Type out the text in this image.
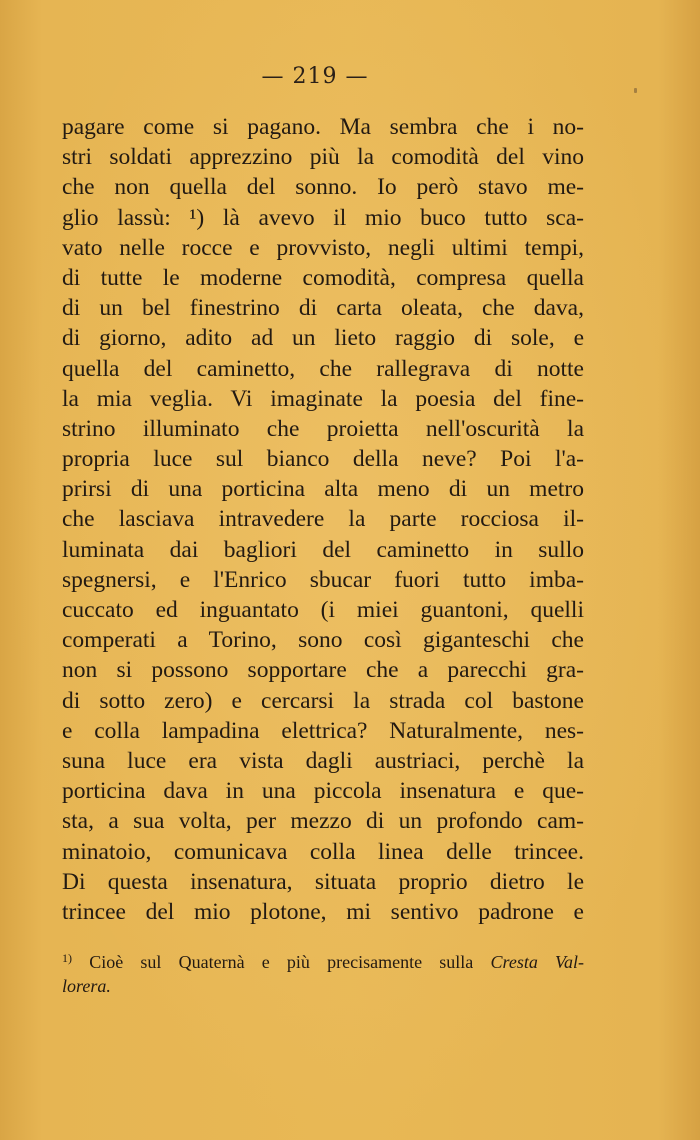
— 219 —
pagare come si pagano. Ma sembra che i no-
stri soldati apprezzino più la comodità del vino
che non quella del sonno. Io però stavo me-
glio lassù: ¹) là avevo il mio buco tutto sca-
vato nelle rocce e provvisto, negli ultimi tempi,
di tutte le moderne comodità, compresa quella
di un bel finestrino di carta oleata, che dava,
di giorno, adito ad un lieto raggio di sole, e
quella del caminetto, che rallegrava di notte
la mia veglia. Vi imaginate la poesia del fine-
strino illuminato che proietta nell'oscurità la
propria luce sul bianco della neve? Poi l'a-
prirsi di una porticina alta meno di un metro
che lasciava intravedere la parte rocciosa il-
luminata dai bagliori del caminetto in sullo
spegnersi, e l'Enrico sbucar fuori tutto imba-
cuccato ed inguantato (i miei guantoni, quelli
comperati a Torino, sono così giganteschi che
non si possono sopportare che a parecchi gra-
di sotto zero) e cercarsi la strada col bastone
e colla lampadina elettrica? Naturalmente, nes-
suna luce era vista dagli austriaci, perchè la
porticina dava in una piccola insenatura e que-
sta, a sua volta, per mezzo di un profondo cam-
minatoio, comunicava colla linea delle trincee.
Di questa insenatura, situata proprio dietro le
trincee del mio plotone, mi sentivo padrone e
$^{1)}$ Cioè sul Quaternà e più precisamente sulla Cresta Val-
lorera.
